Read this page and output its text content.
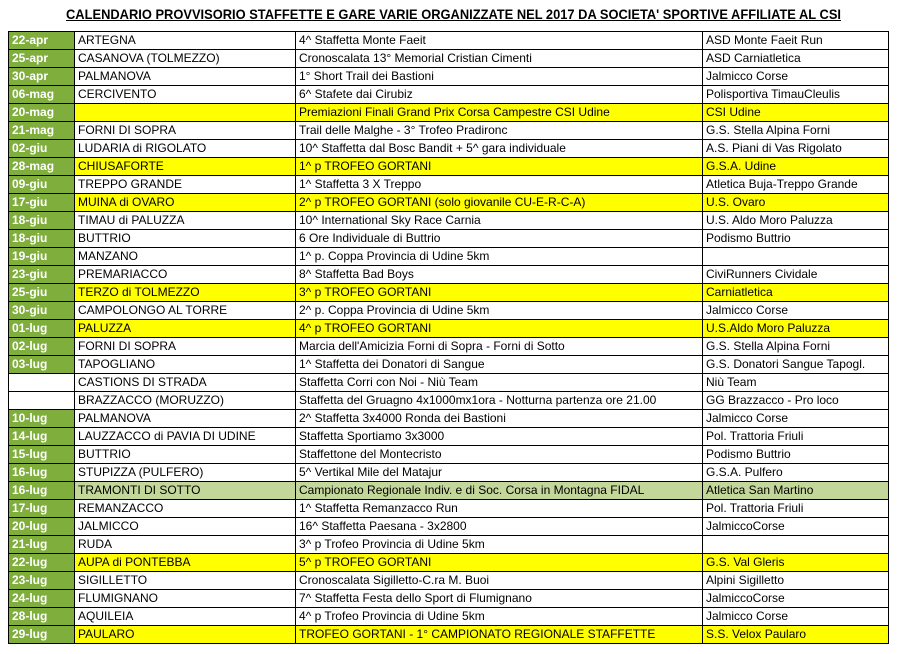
CALENDARIO PROVVISORIO STAFFETTE E GARE VARIE ORGANIZZATE NEL 2017 DA SOCIETA' SPORTIVE AFFILIATE AL CSI
22-apr	ARTEGNA	4^ Staffetta Monte Faeit	ASD Monte Faeit Run
25-apr	CASANOVA (TOLMEZZO)	Cronoscalata 13° Memorial Cristian Cimenti	ASD Carniatletica
30-apr	PALMANOVA	1° Short Trail dei Bastioni	Jalmicco Corse
06-mag	CERCIVENTO	6^ Stafete dai Cirubiz	Polisportiva TimauCleulis
20-mag		Premiazioni Finali Grand Prix Corsa Campestre CSI Udine	CSI Udine
21-mag	FORNI DI SOPRA	Trail delle Malghe - 3° Trofeo Pradironc	G.S. Stella Alpina Forni
02-giu	LUDARIA di RIGOLATO	10^ Staffetta dal Bosc Bandit + 5^ gara individuale	A.S. Piani di Vas Rigolato
28-mag	CHIUSAFORTE	1^ p TROFEO GORTANI	G.S.A. Udine
09-giu	TREPPO GRANDE	1^ Staffetta 3 X Treppo	Atletica Buja-Treppo Grande
17-giu	MUINA di OVARO	2^ p TROFEO GORTANI (solo giovanile CU-E-R-C-A)	U.S. Ovaro
18-giu	TIMAU di PALUZZA	10^ International Sky Race Carnia	U.S. Aldo Moro Paluzza
18-giu	BUTTRIO	6 Ore Individuale di Buttrio	Podismo Buttrio
19-giu	MANZANO	1^ p. Coppa Provincia di Udine 5km	
23-giu	PREMARIACCO	8^ Staffetta Bad Boys	CiviRunners Cividale
25-giu	TERZO di TOLMEZZO	3^ p TROFEO GORTANI	Carniatletica
30-giu	CAMPOLONGO AL TORRE	2^ p. Coppa Provincia di Udine 5km	Jalmicco Corse
01-lug	PALUZZA	4^ p TROFEO GORTANI	U.S.Aldo Moro Paluzza
02-lug	FORNI DI SOPRA	Marcia dell'Amicizia Forni di Sopra - Forni di Sotto	G.S. Stella Alpina Forni
03-lug	TAPOGLIANO	1^ Staffetta dei Donatori di Sangue	G.S. Donatori Sangue Tapogl.
	CASTIONS DI STRADA	Staffetta Corri con Noi - Niù Team	Niù Team
	BRAZZACCO (MORUZZO)	Staffetta del Gruagno 4x1000mx1ora - Notturna partenza ore 21.00	GG Brazzacco - Pro loco
10-lug	PALMANOVA	2^ Staffetta 3x4000 Ronda dei Bastioni	Jalmicco Corse
14-lug	LAUZZACCO di PAVIA DI UDINE	Staffetta Sportiamo 3x3000	Pol. Trattoria Friuli
15-lug	BUTTRIO	Staffettone del Montecristo	Podismo Buttrio
16-lug	STUPIZZA (PULFERO)	5^ Vertikal Mile del Matajur	G.S.A. Pulfero
16-lug	TRAMONTI DI SOTTO	Campionato Regionale Indiv. e di Soc. Corsa in Montagna FIDAL	Atletica San Martino
17-lug	REMANZACCO	1^ Staffetta Remanzacco Run	Pol. Trattoria Friuli
20-lug	JALMICCO	16^ Staffetta Paesana - 3x2800	JalmiccoCorse
21-lug	RUDA	3^ p Trofeo Provincia di Udine 5km	
22-lug	AUPA di PONTEBBA	5^ p TROFEO GORTANI	G.S. Val Gleris
23-lug	SIGILLETTO	Cronoscalata Sigilletto-C.ra M. Buoi	Alpini Sigilletto
24-lug	FLUMIGNANO	7^ Staffetta Festa dello Sport di Flumignano	JalmiccoCorse
28-lug	AQUILEIA	4^ p Trofeo Provincia di Udine 5km	Jalmicco Corse
29-lug	PAULARO	TROFEO GORTANI - 1° CAMPIONATO REGIONALE STAFFETTE	S.S. Velox Paularo
